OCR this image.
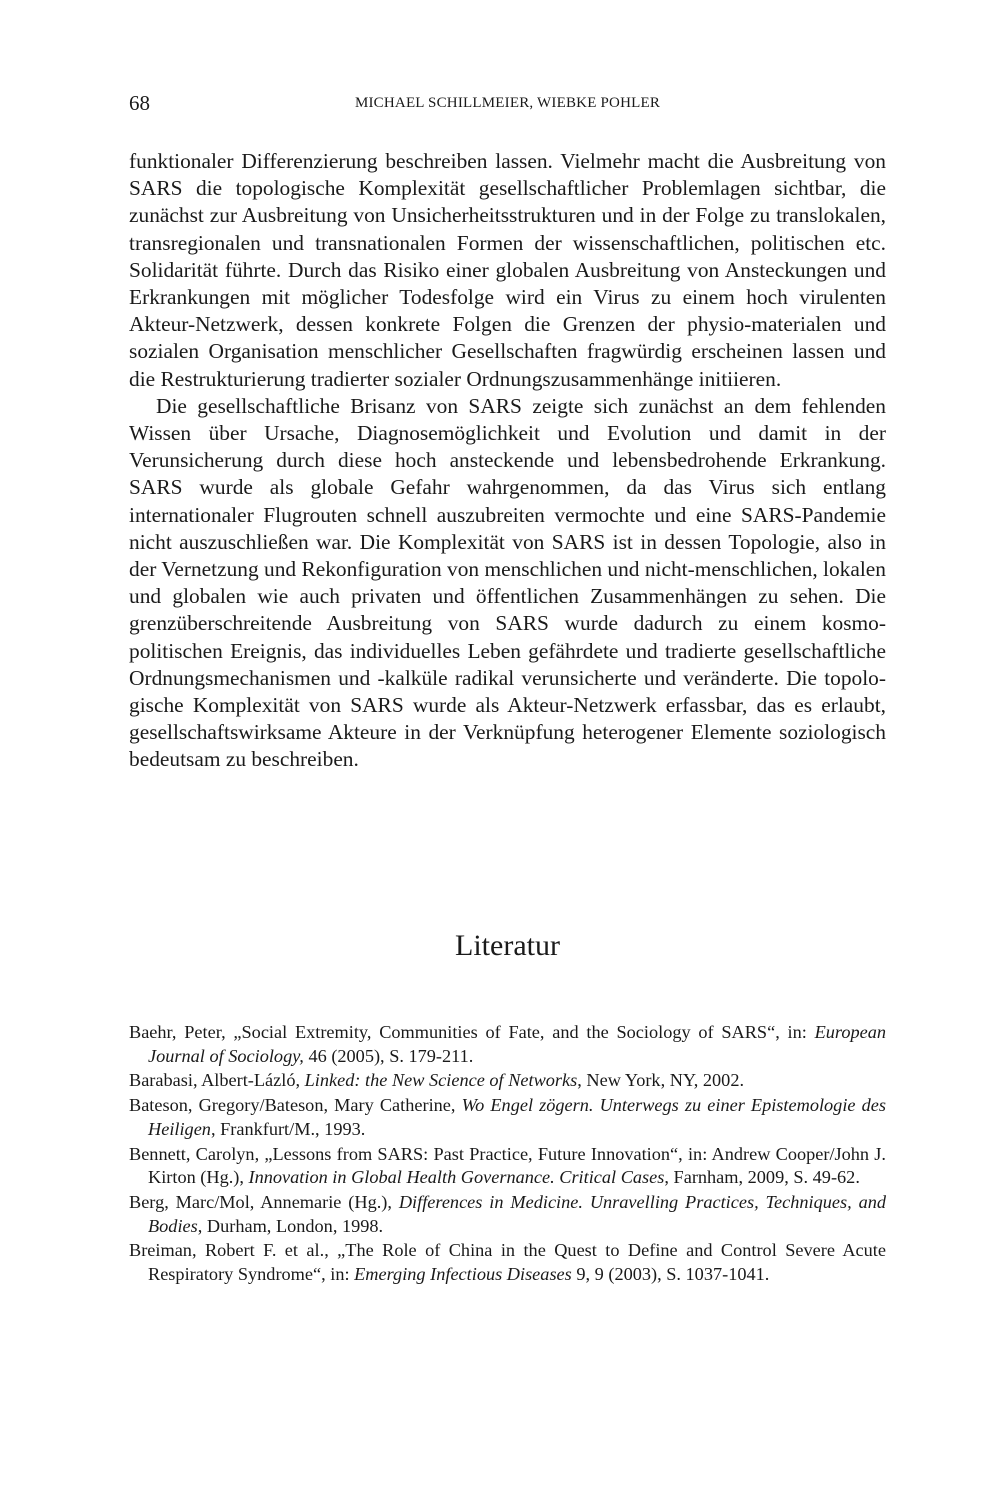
68	MICHAEL SCHILLMEIER, WIEBKE POHLER

funktionaler Differenzierung beschreiben lassen. Vielmehr macht die Ausbreitung von SARS die topologische Komplexität gesellschaftlicher Problemlagen sichtbar, die zunächst zur Ausbreitung von Unsicherheitsstrukturen und in der Folge zu translokalen, transregionalen und transnationalen Formen der wissenschaftlichen, politischen etc. Solidarität führte. Durch das Risiko einer globalen Ausbreitung von Ansteckungen und Erkrankungen mit möglicher Todesfolge wird ein Virus zu einem hoch virulenten Akteur-Netzwerk, dessen konkrete Folgen die Grenzen der physio-materialen und sozialen Organisation menschlicher Gesellschaften fragwürdig erscheinen lassen und die Restrukturierung tradierter sozialer Ordnungszusammenhänge initiieren.

Die gesellschaftliche Brisanz von SARS zeigte sich zunächst an dem fehlenden Wissen über Ursache, Diagnosemöglichkeit und Evolution und damit in der Verunsicherung durch diese hoch ansteckende und lebensbedrohende Erkrankung. SARS wurde als globale Gefahr wahrgenommen, da das Virus sich entlang internationaler Flugrouten schnell auszubreiten vermochte und eine SARS-Pandemie nicht auszuschließen war. Die Komplexität von SARS ist in dessen Topologie, also in der Vernetzung und Rekonfiguration von menschlichen und nicht-menschlichen, lokalen und globalen wie auch privaten und öffentlichen Zusammenhängen zu sehen. Die grenzüberschreitende Ausbreitung von SARS wurde dadurch zu einem kosmo-politischen Ereignis, das individuelles Leben gefährdete und tradierte gesellschaftliche Ordnungsmechanismen und -kalküle radikal verunsicherte und veränderte. Die topologische Komplexität von SARS wurde als Akteur-Netzwerk erfassbar, das es erlaubt, gesellschaftswirksame Akteure in der Verknüpfung heterogener Elemente soziologisch bedeutsam zu beschreiben.

Literatur
Baehr, Peter, „Social Extremity, Communities of Fate, and the Sociology of SARS“, in: European Journal of Sociology, 46 (2005), S. 179-211.
Barabasi, Albert-Lázló, Linked: the New Science of Networks, New York, NY, 2002.
Bateson, Gregory/Bateson, Mary Catherine, Wo Engel zögern. Unterwegs zu einer Epistemologie des Heiligen, Frankfurt/M., 1993.
Bennett, Carolyn, „Lessons from SARS: Past Practice, Future Innovation“, in: Andrew Cooper/John J. Kirton (Hg.), Innovation in Global Health Governance. Critical Cases, Farnham, 2009, S. 49-62.
Berg, Marc/Mol, Annemarie (Hg.), Differences in Medicine. Unravelling Practices, Techniques, and Bodies, Durham, London, 1998.
Breiman, Robert F. et al., „The Role of China in the Quest to Define and Control Severe Acute Respiratory Syndrome“, in: Emerging Infectious Diseases 9, 9 (2003), S. 1037-1041.
